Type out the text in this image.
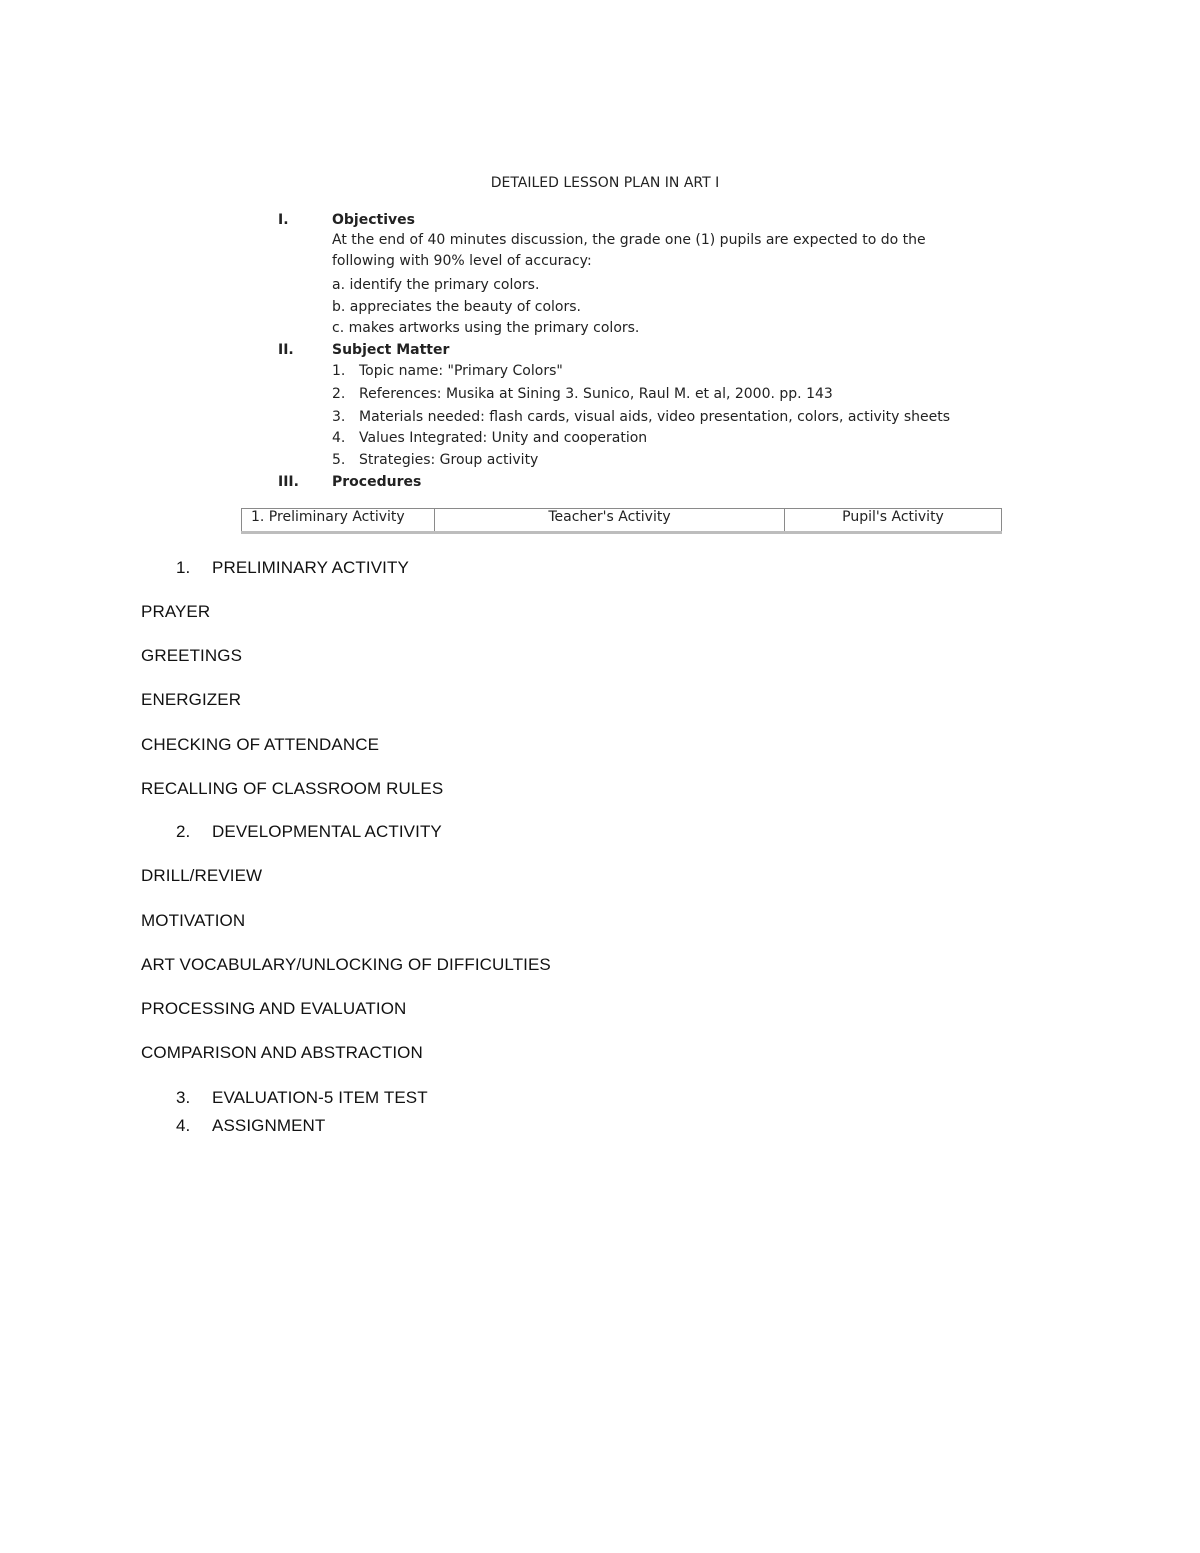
DETAILED LESSON PLAN IN ART I
I.	Objectives
At the end of 40 minutes discussion, the grade one (1) pupils are expected to do the
following with 90% level of accuracy:
a. identify the primary colors.
b. appreciates the beauty of colors.
c. makes artworks using the primary colors.
II.	Subject Matter
1. Topic name: "Primary Colors"
2. References: Musika at Sining 3. Sunico, Raul M. et al, 2000. pp. 143
3. Materials needed: flash cards, visual aids, video presentation, colors, activity sheets
4. Values Integrated: Unity and cooperation
5. Strategies: Group activity
III. Procedures
1. Preliminary Activity	Teacher's Activity	Pupil's Activity
1. PRELIMINARY ACTIVITY
PRAYER
GREETINGS
ENERGIZER
CHECKING OF ATTENDANCE
RECALLING OF CLASSROOM RULES
2. DEVELOPMENTAL ACTIVITY
DRILL/REVIEW
MOTIVATION
ART VOCABULARY/UNLOCKING OF DIFFICULTIES
PROCESSING AND EVALUATION
COMPARISON AND ABSTRACTION
3. EVALUATION-5 ITEM TEST
4. ASSIGNMENT
